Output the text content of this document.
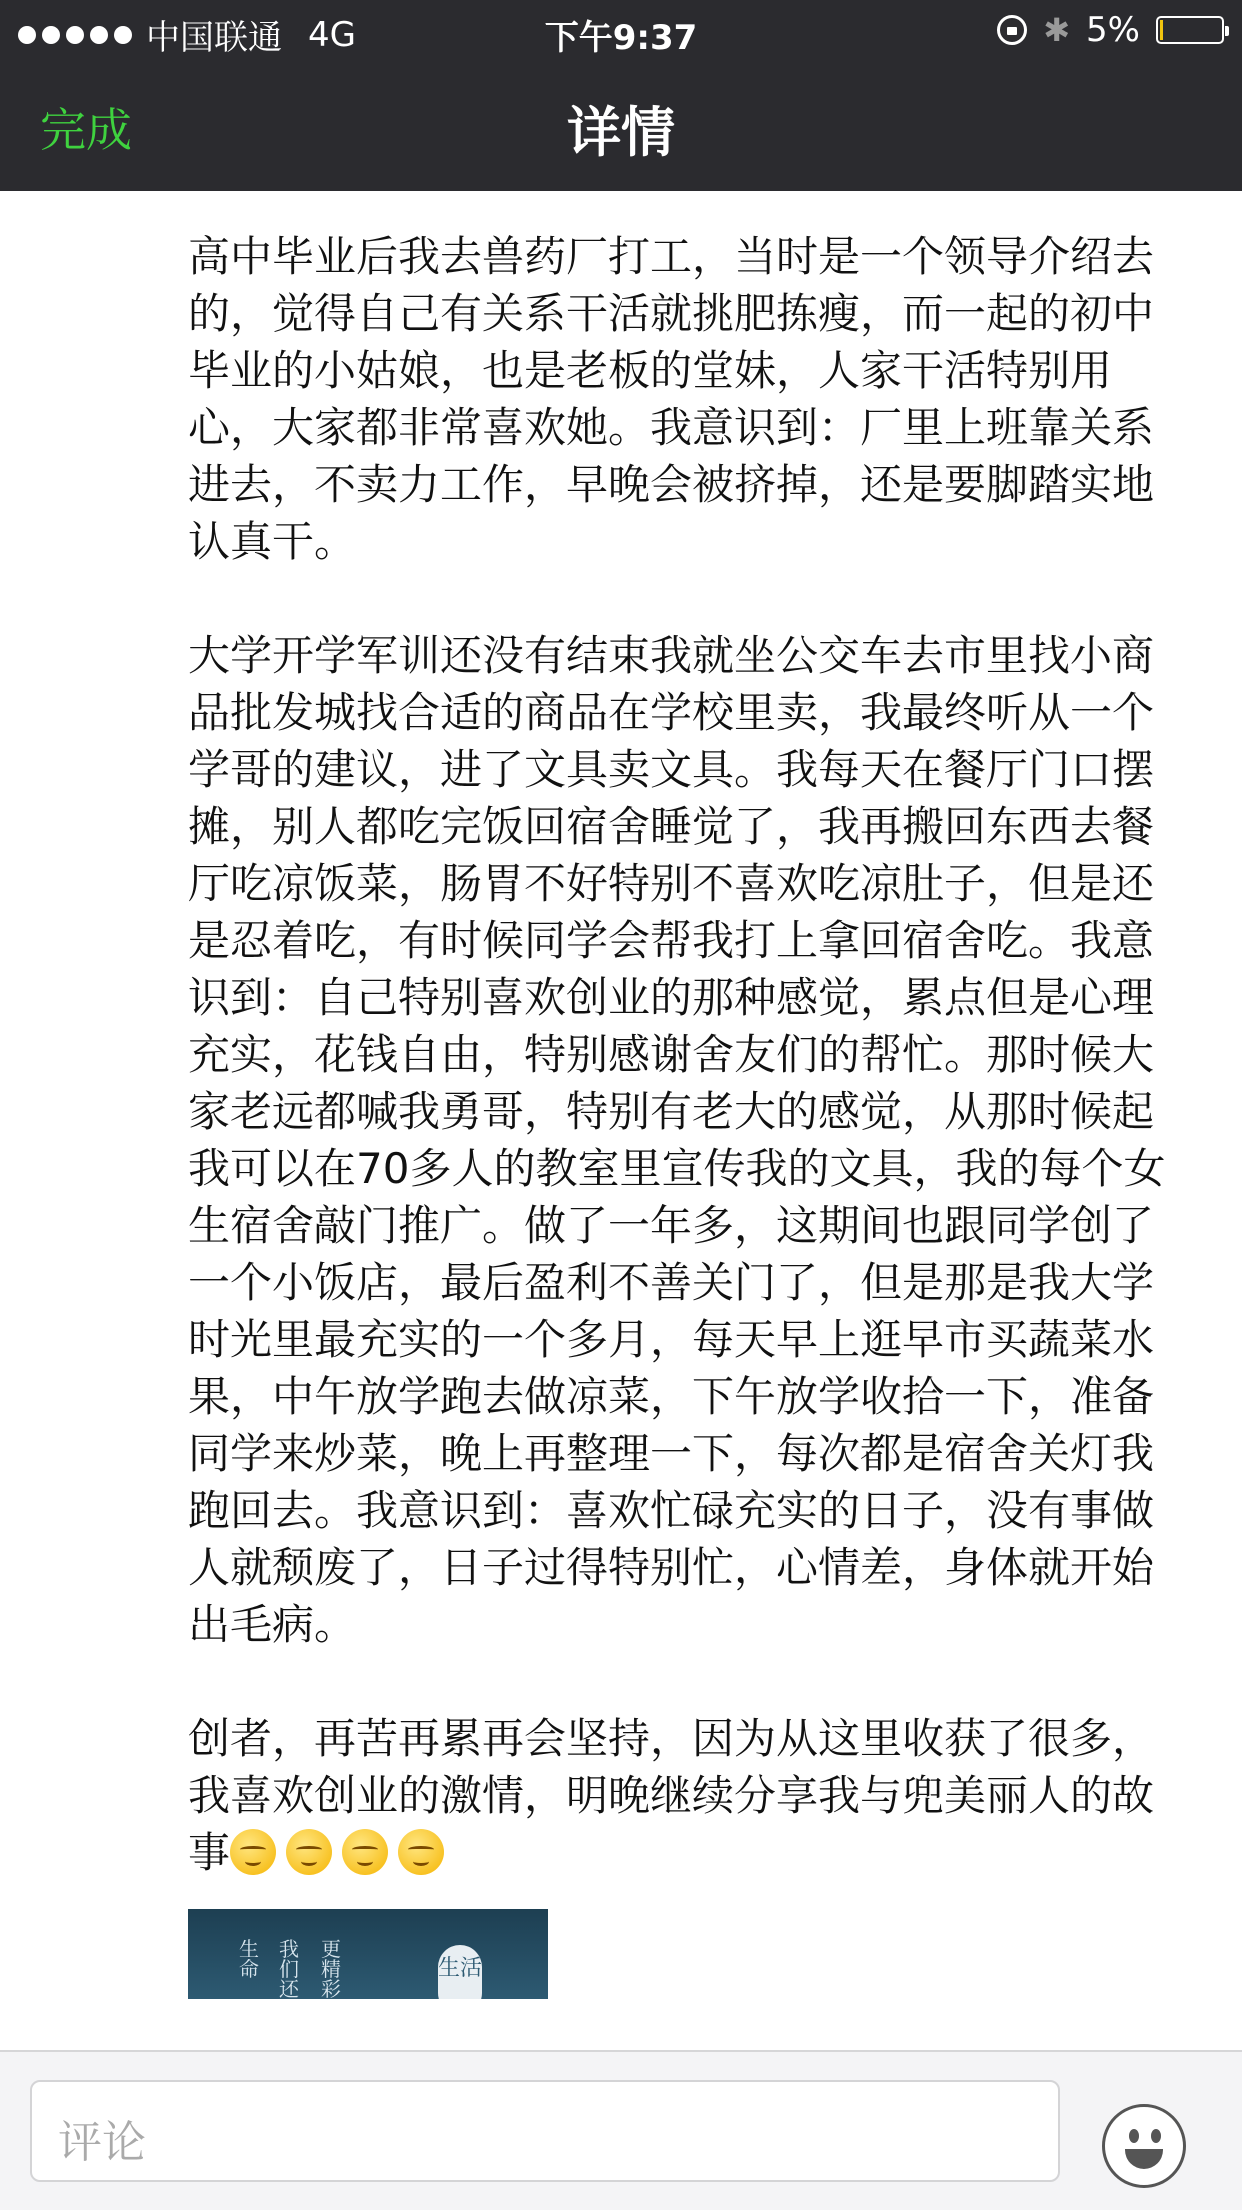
中国联通 4G	下午9:37	✱ 5%
完成	详情

高中毕业后我去兽药厂打工，当时是一个领导介绍去的，觉得自己有关系干活就挑肥拣瘦，而一起的初中毕业的小姑娘，也是老板的堂妹，人家干活特别用心，大家都非常喜欢她。我意识到：厂里上班靠关系进去，不卖力工作，早晚会被挤掉，还是要脚踏实地认真干。

大学开学军训还没有结束我就坐公交车去市里找小商品批发城找合适的商品在学校里卖，我最终听从一个学哥的建议，进了文具卖文具。我每天在餐厅门口摆摊，别人都吃完饭回宿舍睡觉了，我再搬回东西去餐厅吃凉饭菜，肠胃不好特别不喜欢吃凉肚子，但是还是忍着吃，有时候同学会帮我打上拿回宿舍吃。我意识到：自己特别喜欢创业的那种感觉，累点但是心理充实，花钱自由，特别感谢舍友们的帮忙。那时候大家老远都喊我勇哥，特别有老大的感觉，从那时候起我可以在70多人的教室里宣传我的文具，我的每个女生宿舍敲门推广。做了一年多，这期间也跟同学创了一个小饭店，最后盈利不善关门了，但是那是我大学时光里最充实的一个多月，每天早上逛早市买蔬菜水果，中午放学跑去做凉菜，下午放学收拾一下，准备同学来炒菜，晚上再整理一下，每次都是宿舍关灯我跑回去。我意识到：喜欢忙碌充实的日子，没有事做人就颓废了，日子过得特别忙，心情差，身体就开始出毛病。

创者，再苦再累再会坚持，因为从这里收获了很多，我喜欢创业的激情，明晚继续分享我与兜美丽人的故事

生命
我们还
更精彩
生活
评论
